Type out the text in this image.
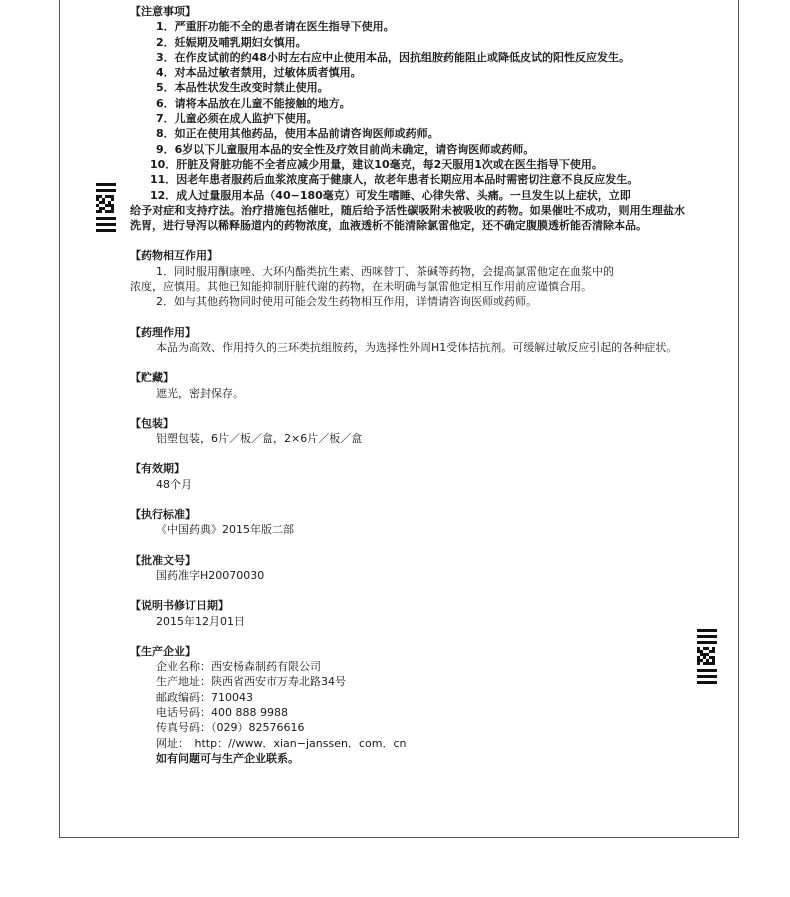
【注意事项】

1．严重肝功能不全的患者请在医生指导下使用。

2．妊娠期及哺乳期妇女慎用。

3．在作皮试前的约48小时左右应中止使用本品，因抗组胺药能阻止或降低皮试的阳性反应发生。

4．对本品过敏者禁用，过敏体质者慎用。

5．本品性状发生改变时禁止使用。

6．请将本品放在儿童不能接触的地方。

7．儿童必须在成人监护下使用。

8．如正在使用其他药品，使用本品前请咨询医师或药师。

9．6岁以下儿童服用本品的安全性及疗效目前尚未确定，请咨询医师或药师。

10．肝脏及肾脏功能不全者应减少用量，建议10毫克，每2天服用1次或在医生指导下使用。

11．因老年患者服药后血浆浓度高于健康人，故老年患者长期应用本品时需密切注意不良反应发生。

12．成人过量服用本品（40−180毫克）可发生嗜睡、心律失常、头痛。一旦发生以上症状，立即

给予对症和支持疗法。治疗措施包括催吐，随后给予活性碳吸附未被吸收的药物。如果催吐不成功，则用生理盐水洗胃，进行导泻以稀释肠道内的药物浓度，血液透析不能清除氯雷他定，还不确定腹膜透析能否清除本品。

【药物相互作用】

1．同时服用酮康唑、大环内酯类抗生素、西咪替丁、茶碱等药物，会提高氯雷他定在血浆中的

浓度，应慎用。其他已知能抑制肝脏代谢的药物，在未明确与氯雷他定相互作用前应谨慎合用。

2．如与其他药物同时使用可能会发生药物相互作用，详情请咨询医师或药师。

【药理作用】

本品为高效、作用持久的三环类抗组胺药，为选择性外周H1受体拮抗剂。可缓解过敏反应引起的各种症状。

【贮藏】

遮光，密封保存。

【包装】

铝塑包装，6片／板／盒，2×6片／板／盒

【有效期】

48个月

【执行标准】

《中国药典》2015年版二部

【批准文号】

国药准字H20070030

【说明书修订日期】

2015年12月01日

【生产企业】

企业名称：西安杨森制药有限公司

生产地址：陕西省西安市万寿北路34号

邮政编码：710043

电话号码：400 888 9988

传真号码：（029）82576616

网址：　http：//www．xian−janssen．com．cn

如有问题可与生产企业联系。
